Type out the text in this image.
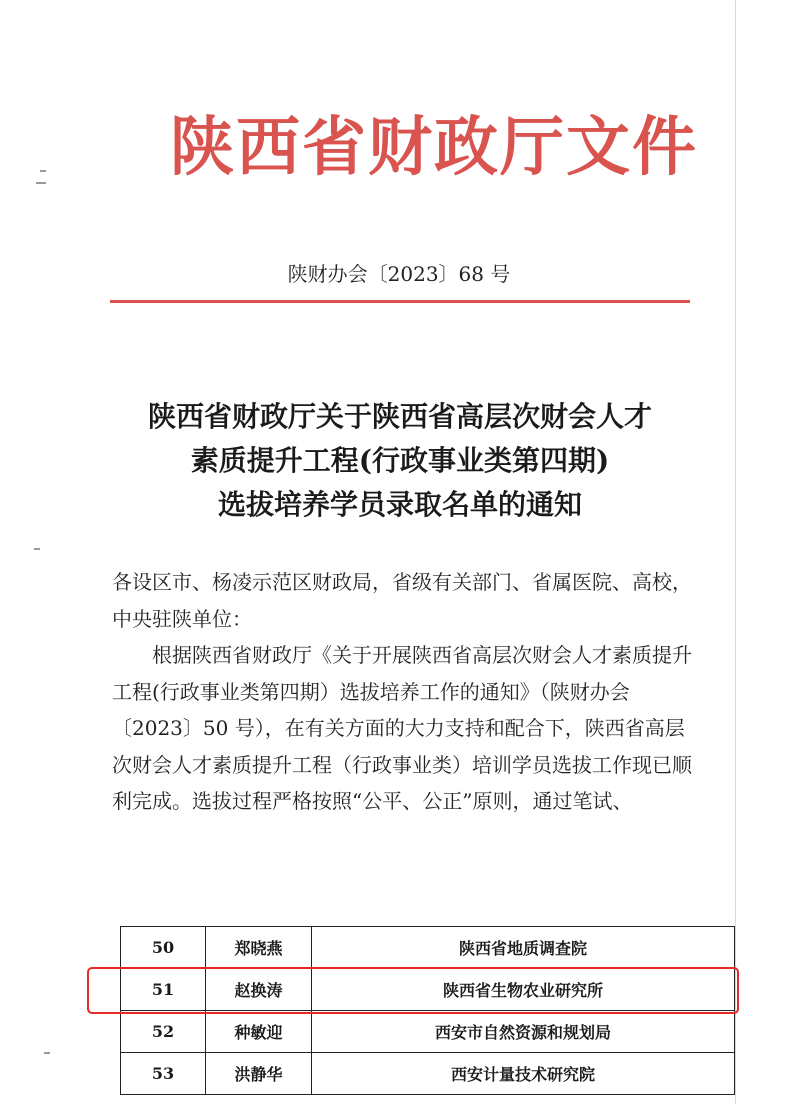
陕西省财政厅文件
陕财办会〔2023〕68 号
陕西省财政厅关于陕西省高层次财会人才
素质提升工程(行政事业类第四期)
选拔培养学员录取名单的通知

各设区市、杨凌示范区财政局，省级有关部门、省属医院、高校，中央驻陕单位：

根据陕西省财政厅《关于开展陕西省高层次财会人才素质提升工程(行政事业类第四期）选拔培养工作的通知》（陕财办会〔2023〕50 号），在有关方面的大力支持和配合下，陕西省高层次财会人才素质提升工程（行政事业类）培训学员选拔工作现已顺利完成。选拔过程严格按照“公平、公正”原则，通过笔试、

50	郑晓燕	陕西省地质调查院
51	赵换涛	陕西省生物农业研究所
52	种敏迎	西安市自然资源和规划局
53	洪静华	西安计量技术研究院
